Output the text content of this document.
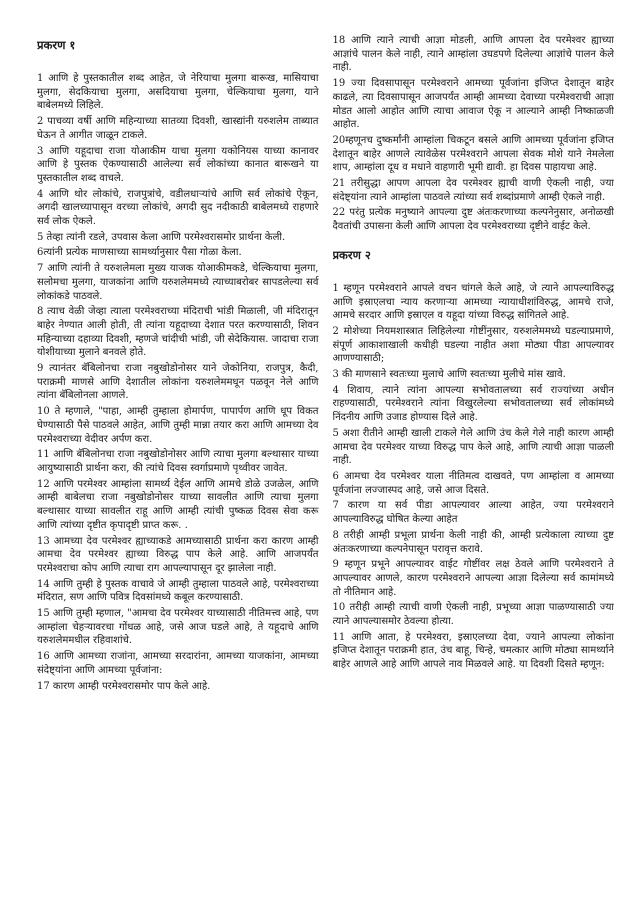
प्रकरण १

1 आणि हे पुस्तकातील शब्द आहेत, जे नेरियाचा मुलगा बारूख, मासियाचा मुलगा, सेदकियाचा मुलगा, असदियाचा मुलगा, चेल्कियाचा मुलगा, याने बाबेलमध्ये लिहिले.

2 पाचव्या वर्षी आणि महिन्याच्या सातव्या दिवशी, खास्द्यांनी यरुशलेम ताब्यात घेऊन ते आगीत जाळून टाकले.

3 आणि यहूदाचा राजा योआकीम याचा मुलगा यकोनियस याच्या कानावर आणि हे पुस्तक ऐकण्यासाठी आलेल्या सर्व लोकांच्या कानात बारूखने या पुस्तकातील शब्द वाचले.

4 आणि थोर लोकांचे, राजपुत्रांचे, वडीलधाऱ्यांचे आणि सर्व लोकांचे ऐकून, अगदी खालच्यापासून वरच्या लोकांचे, अगदी सुद नदीकाठी बाबेलमध्ये राहणारे सर्व लोक ऐकले.

5 तेव्हा त्यांनी रडले, उपवास केला आणि परमेश्वरासमोर प्रार्थना केली.

6त्यांनी प्रत्येक माणसाच्या सामर्थ्यानुसार पैसा गोळा केला.

7 आणि त्यांनी ते यरुशलेमला मुख्य याजक योआकीमकडे, चेल्कियाचा मुलगा, सलोमचा मुलगा, याजकांना आणि यरुशलेममध्ये त्याच्याबरोबर सापडलेल्या सर्व लोकांकडे पाठवले.

8 त्याच वेळी जेव्हा त्याला परमेश्वराच्या मंदिराची भांडी मिळाली, जी मंदिरातून बाहेर नेण्यात आली होती, ती त्यांना यहूदाच्या देशात परत करण्यासाठी, शिवन महिन्याच्या दहाव्या दिवशी, म्हणजे चांदीची भांडी, जी सेदेकियास. जादाचा राजा योशीयाच्या मुलाने बनवले होते.

9 त्यानंतर बॅबिलोनचा राजा नबुखोडोनोसर याने जेकोनिया, राजपुत्र, कैदी, पराक्रमी माणसे आणि देशातील लोकांना यरुशलेममधून पळवून नेले आणि त्यांना बॅबिलोनला आणले.

10 ते म्हणाले, "पाहा, आम्ही तुम्हाला होमार्पण, पापार्पण आणि धूप विकत घेण्यासाठी पैसे पाठवले आहेत, आणि तुम्ही मान्ना तयार करा आणि आमच्या देव परमेश्वराच्या वेदीवर अर्पण करा.

11 आणि बॅबिलोनचा राजा नबुखोडोनोसर आणि त्याचा मुलगा बल्थासार याच्या आयुष्यासाठी प्रार्थना करा, की त्यांचे दिवस स्वर्गाप्रमाणे पृथ्वीवर जावेत.

12 आणि परमेश्वर आम्हांला सामर्थ्य देईल आणि आमचे डोळे उजळेल, आणि आम्ही बाबेलचा राजा नबुखोडोनोसर याच्या सावलीत आणि त्याचा मुलगा बल्थासार याच्या सावलीत राहू आणि आम्ही त्यांची पुष्कळ दिवस सेवा करू आणि त्यांच्या दृष्टीत कृपादृष्टी प्राप्त करू. .

13 आमच्या देव परमेश्वर ह्याच्याकडे आमच्यासाठी प्रार्थना करा कारण आम्ही आमचा देव परमेश्वर ह्याच्या विरुद्ध पाप केले आहे. आणि आजपर्यंत परमेश्वराचा कोप आणि त्याचा राग आपल्यापासून दूर झालेला नाही.

14 आणि तुम्ही हे पुस्तक वाचावे जे आम्ही तुम्हाला पाठवले आहे, परमेश्वराच्या मंदिरात, सण आणि पवित्र दिवसांमध्ये कबूल करण्यासाठी.

15 आणि तुम्ही म्हणाल, "आमचा देव परमेश्वर याच्यासाठी नीतिमत्त्व आहे, पण आम्हांला चेहऱ्यावरचा गोंधळ आहे, जसे आज घडले आहे, ते यहूदाचे आणि यरुशलेममधील रहिवाशांचे.

16 आणि आमच्या राजांना, आमच्या सरदारांना, आमच्या याजकांना, आमच्या संदेष्ट्यांना आणि आमच्या पूर्वजांना:

17 कारण आम्ही परमेश्वरासमोर पाप केले आहे.

18 आणि त्याने त्याची आज्ञा मोडली, आणि आपला देव परमेश्वर ह्याच्या आज्ञांचे पालन केले नाही, त्याने आम्हांला उघडपणे दिलेल्या आज्ञांचे पालन केले नाही.

19 ज्या दिवसापासून परमेश्वराने आमच्या पूर्वजांना इजिप्त देशातून बाहेर काढले, त्या दिवसापासून आजपर्यंत आम्ही आमच्या देवाच्या परमेश्वराची आज्ञा मोडत आलो आहोत आणि त्याचा आवाज ऐकू न आल्याने आम्ही निष्काळजी आहोत.

20म्हणूनच दुष्कर्मांनी आम्हांला चिकटून बसले आणि आमच्या पूर्वजांना इजिप्त देशातून बाहेर आणले त्यावेळेस परमेश्वराने आपला सेवक मोशे याने नेमलेला शाप, आम्हांला दूध व मधाने वाहणारी भूमी द्यावी. हा दिवस पाहायचा आहे.

21 तरीसुद्धा आपण आपला देव परमेश्वर ह्याची वाणी ऐकली नाही, ज्या संदेष्ट्यांना त्याने आम्हांला पाठवले त्यांच्या सर्व शब्दांप्रमाणे आम्ही ऐकले नाही.

22 परंतु प्रत्येक मनुष्याने आपल्या दुष्ट अंतःकरणाच्या कल्पनेनुसार, अनोळखी दैवतांची उपासना केली आणि आपला देव परमेश्वराच्या दृष्टीने वाईट केले.

प्रकरण २

1 म्हणून परमेश्वराने आपले वचन चांगले केले आहे, जे त्याने आपल्याविरुद्ध आणि इस्राएलचा न्याय करणाऱ्या आमच्या न्यायाधीशांविरुद्ध, आमचे राजे, आमचे सरदार आणि इस्राएल व यहूदा यांच्या विरुद्ध सांगितले आहे.

2 मोशेच्या नियमशास्त्रात लिहिलेल्या गोष्टींनुसार, यरुशलेममध्ये घडल्याप्रमाणे, संपूर्ण आकाशाखाली कधीही घडल्या नाहीत अशा मोठ्या पीडा आपल्यावर आणण्यासाठी;

3 की माणसाने स्वतःच्या मुलाचे आणि स्वतःच्या मुलीचे मांस खावे.

4 शिवाय, त्याने त्यांना आपल्या सभोवतालच्या सर्व राज्यांच्या अधीन राहण्यासाठी, परमेश्वराने त्यांना विखुरलेल्या सभोवतालच्या सर्व लोकांमध्ये निंदनीय आणि उजाड होण्यास दिले आहे.

5 अशा रीतीने आम्ही खाली टाकले गेले आणि उंच केले गेले नाही कारण आम्ही आमचा देव परमेश्वर याच्या विरुद्ध पाप केले आहे, आणि त्याची आज्ञा पाळली नाही.

6 आमचा देव परमेश्वर याला नीतिमत्व दाखवते, पण आम्हांला व आमच्या पूर्वजांना लज्जास्पद आहे, जसे आज दिसते.

7 कारण या सर्व पीडा आपल्यावर आल्या आहेत, ज्या परमेश्वराने आपल्याविरुद्ध घोषित केल्या आहेत

8 तरीही आम्ही प्रभूला प्रार्थना केली नाही की, आम्ही प्रत्येकाला त्याच्या दुष्ट अंतःकरणाच्या कल्पनेपासून परावृत्त करावे.

9 म्हणून प्रभूने आपल्यावर वाईट गोष्टींवर लक्ष ठेवले आणि परमेश्वराने ते आपल्यावर आणले, कारण परमेश्वराने आपल्या आज्ञा दिलेल्या सर्व कामांमध्ये तो नीतिमान आहे.

10 तरीही आम्ही त्याची वाणी ऐकली नाही, प्रभूच्या आज्ञा पाळण्यासाठी ज्या त्याने आपल्यासमोर ठेवल्या होत्या.

11 आणि आता, हे परमेश्वरा, इस्राएलच्या देवा, ज्याने आपल्या लोकांना इजिप्त देशातून पराक्रमी हात, उंच बाहू, चिन्हे, चमत्कार आणि मोठ्या सामर्थ्याने बाहेर आणले आहे आणि आपले नाव मिळवले आहे. या दिवशी दिसते म्हणून:
